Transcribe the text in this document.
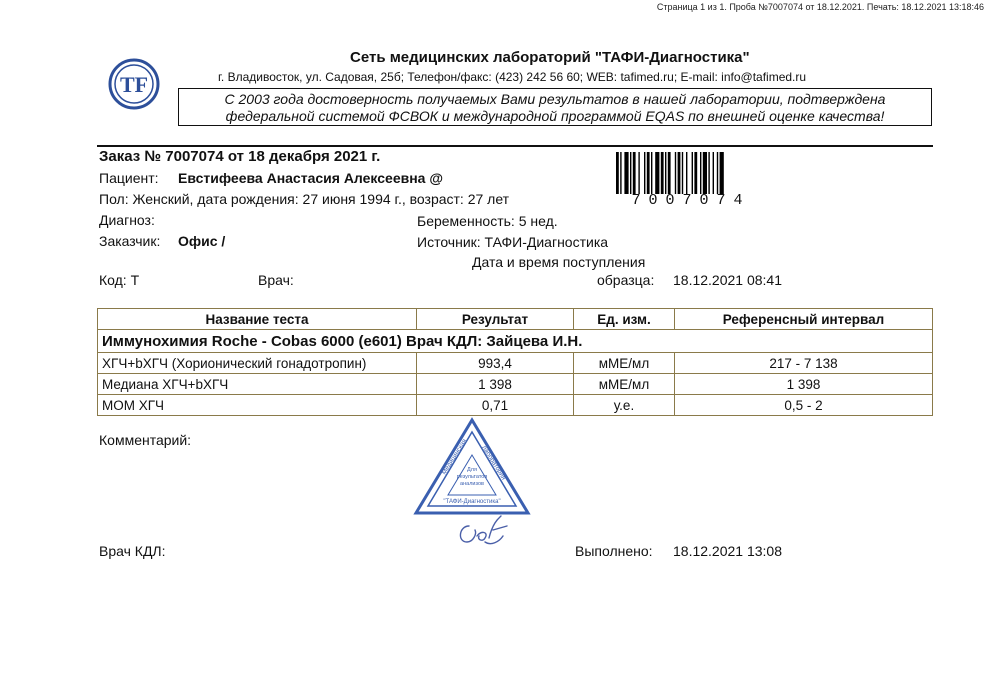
Страница 1 из 1. Проба №7007074 от 18.12.2021. Печать: 18.12.2021 13:18:46
TF
Сеть медицинских лабораторий "ТАФИ-Диагностика"
г. Владивосток, ул. Садовая, 25б; Телефон/факс: (423) 242 56 60; WEB: tafimed.ru; E-mail: info@tafimed.ru
С 2003 года достоверность получаемых Вами результатов в нашей лаборатории, подтверждена федеральной системой ФСВОК и международной программой EQAS по внешней оценке качества!
Заказ № 7007074 от 18 декабря 2021 г.
Пациент: Евстифеева Анастасия Алексеевна @
Пол: Женский, дата рождения: 27 июня 1994 г., возраст: 27 лет
Диагноз:	Беременность: 5 нед.
Заказчик: Офис /	Источник: ТАФИ-Диагностика
Дата и время поступления
Код: Т	Врач:	образца: 18.12.2021 08:41
7007074
Название теста	Результат	Ед. изм.	Референсный интервал
Иммунохимия Roche - Cobas 6000 (е601) Врач КДЛ: Зайцева И.Н.			
ХГЧ+bХГЧ (Хорионический гонадотропин)	993,4	мМЕ/мл	217 - 7 138
Медиана ХГЧ+bХГЧ	1 398	мМЕ/мл	1 398
МОМ ХГЧ	0,71	у.е.	0,5 - 2
Комментарий:	Медицинская лаборатория
Для
результатов
анализов
"ТАФИ-Диагностика"
Врач КДЛ:	Выполнено: 18.12.2021 13:08
